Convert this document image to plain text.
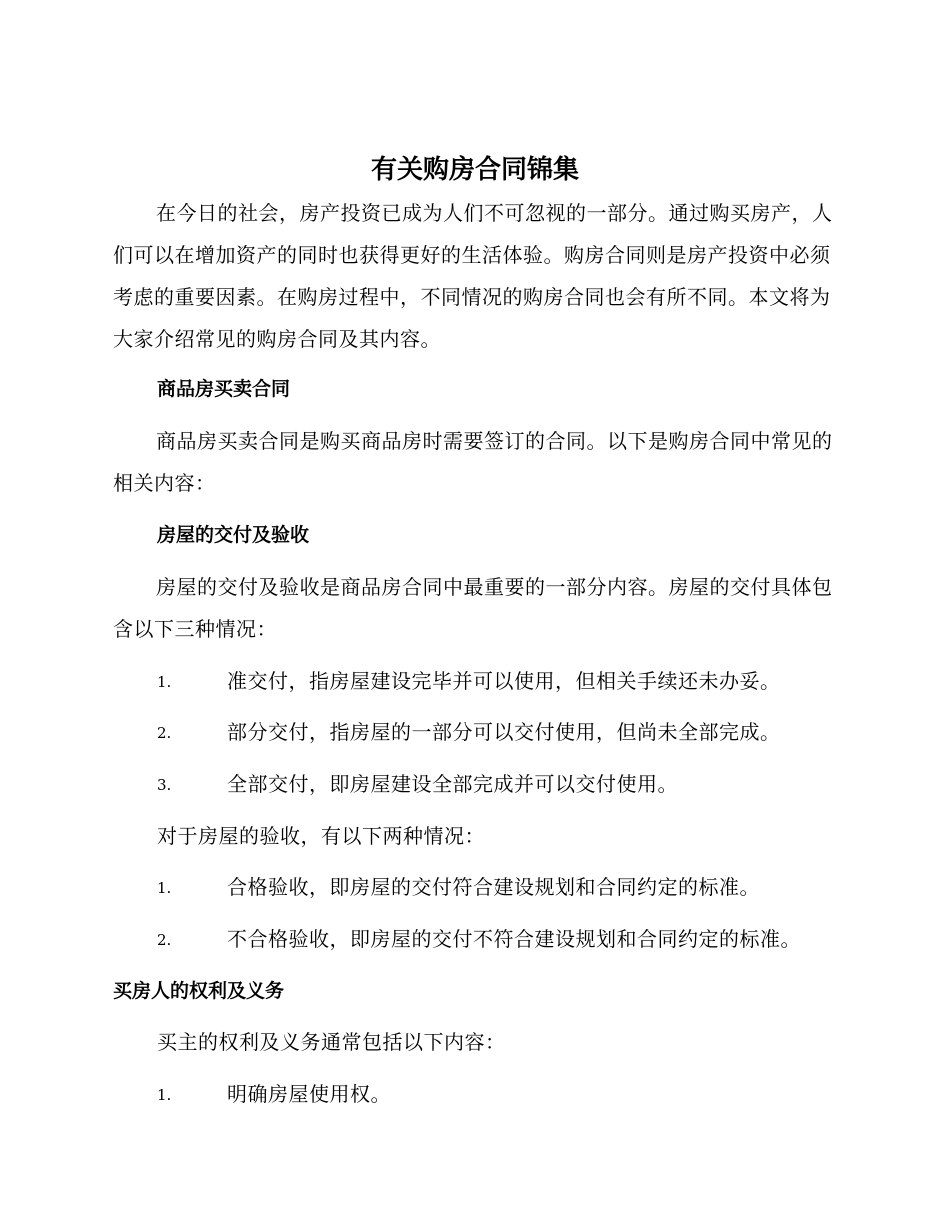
有关购房合同锦集

在今日的社会，房产投资已成为人们不可忽视的一部分。通过购买房产，人们可以在增加资产的同时也获得更好的生活体验。购房合同则是房产投资中必须考虑的重要因素。在购房过程中，不同情况的购房合同也会有所不同。本文将为大家介绍常见的购房合同及其内容。

商品房买卖合同

商品房买卖合同是购买商品房时需要签订的合同。以下是购房合同中常见的相关内容：

房屋的交付及验收

房屋的交付及验收是商品房合同中最重要的一部分内容。房屋的交付具体包含以下三种情况：

1.	准交付，指房屋建设完毕并可以使用，但相关手续还未办妥。
2.	部分交付，指房屋的一部分可以交付使用，但尚未全部完成。
3.	全部交付，即房屋建设全部完成并可以交付使用。

对于房屋的验收，有以下两种情况：

1.	合格验收，即房屋的交付符合建设规划和合同约定的标准。
2.	不合格验收，即房屋的交付不符合建设规划和合同约定的标准。
买房人的权利及义务

买主的权利及义务通常包括以下内容：

1.	明确房屋使用权。
